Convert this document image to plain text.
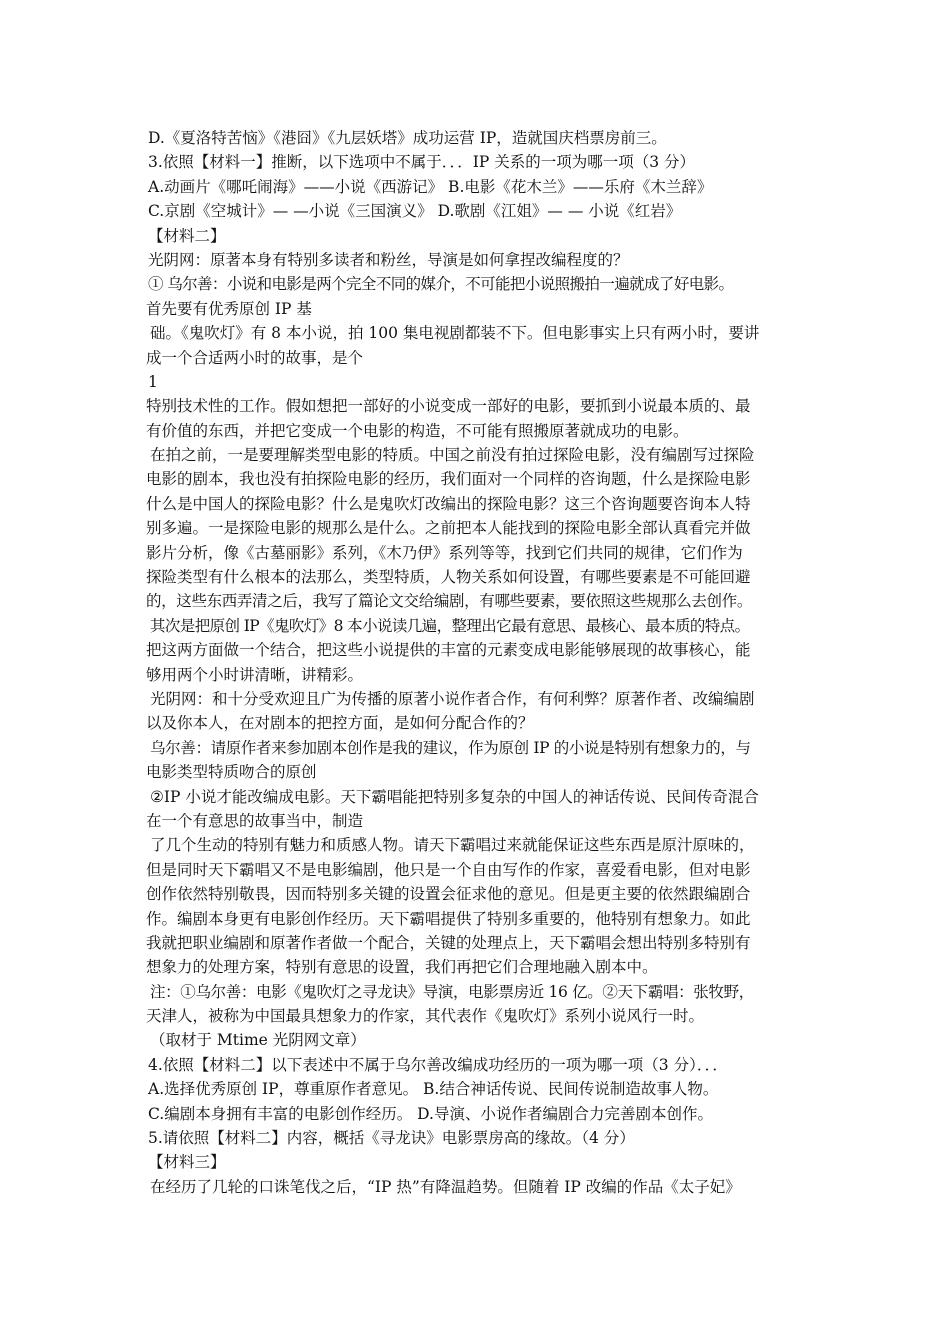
D.《夏洛特苦恼》《港囧》《九层妖塔》成功运营 IP，造就国庆档票房前三。
3.依照【材料一】推断，以下选项中不属于．．．IP 关系的一项为哪一项（3 分）
A.动画片《哪吒闹海》——小说《西游记》 B.电影《花木兰》——乐府《木兰辞》
C.京剧《空城计》— —小说《三国演义》 D.歌剧《江姐》— — 小说《红岩》
【材料二】
光阴网：原著本身有特别多读者和粉丝，导演是如何拿捏改编程度的？
① 乌尔善：小说和电影是两个完全不同的媒介，不可能把小说照搬拍一遍就成了好电影。
首先要有优秀原创 IP 基
础。《鬼吹灯》有 8 本小说，拍 100 集电视剧都装不下。但电影事实上只有两小时，要讲
成一个合适两小时的故事，是个
1
特别技术性的工作。假如想把一部好的小说变成一部好的电影，要抓到小说最本质的、最
有价值的东西，并把它变成一个电影的构造，不可能有照搬原著就成功的电影。
在拍之前，一是要理解类型电影的特质。中国之前没有拍过探险电影，没有编剧写过探险
电影的剧本，我也没有拍探险电影的经历，我们面对一个同样的咨询题，什么是探险电影
什么是中国人的探险电影？什么是鬼吹灯改编出的探险电影？这三个咨询题要咨询本人特
别多遍。一是探险电影的规那么是什么。之前把本人能找到的探险电影全部认真看完并做
影片分析，像《古墓丽影》系列，《木乃伊》系列等等，找到它们共同的规律，它们作为
探险类型有什么根本的法那么，类型特质，人物关系如何设置，有哪些要素是不可能回避
的，这些东西弄清之后，我写了篇论文交给编剧，有哪些要素，要依照这些规那么去创作。
其次是把原创 IP《鬼吹灯》8 本小说读几遍，整理出它最有意思、最核心、最本质的特点。
把这两方面做一个结合，把这些小说提供的丰富的元素变成电影能够展现的故事核心，能
够用两个小时讲清晰，讲精彩。
光阴网：和十分受欢迎且广为传播的原著小说作者合作，有何利弊？原著作者、改编编剧
以及你本人，在对剧本的把控方面，是如何分配合作的？
乌尔善：请原作者来参加剧本创作是我的建议，作为原创 IP 的小说是特别有想象力的，与
电影类型特质吻合的原创
②IP 小说才能改编成电影。天下霸唱能把特别多复杂的中国人的神话传说、民间传奇混合
在一个有意思的故事当中，制造
了几个生动的特别有魅力和质感人物。请天下霸唱过来就能保证这些东西是原汁原味的，
但是同时天下霸唱又不是电影编剧，他只是一个自由写作的作家，喜爱看电影，但对电影
创作依然特别敬畏，因而特别多关键的设置会征求他的意见。但是更主要的依然跟编剧合
作。编剧本身更有电影创作经历。天下霸唱提供了特别多重要的，他特别有想象力。如此
我就把职业编剧和原著作者做一个配合，关键的处理点上，天下霸唱会想出特别多特别有
想象力的处理方案，特别有意思的设置，我们再把它们合理地融入剧本中。
注：①乌尔善：电影《鬼吹灯之寻龙诀》导演，电影票房近 16 亿。②天下霸唱：张牧野，
天津人，被称为中国最具想象力的作家，其代表作《鬼吹灯》系列小说风行一时。
（取材于 Mtime 光阴网文章）
4.依照【材料二】以下表述中不属于乌尔善改编成功经历的一项为哪一项（3 分）．．．
A.选择优秀原创 IP，尊重原作者意见。 B.结合神话传说、民间传说制造故事人物。
C.编剧本身拥有丰富的电影创作经历。 D.导演、小说作者编剧合力完善剧本创作。
5.请依照【材料二】内容，概括《寻龙诀》电影票房高的缘故。（4 分）
【材料三】
在经历了几轮的口诛笔伐之后，“IP 热”有降温趋势。但随着 IP 改编的作品《太子妃》
